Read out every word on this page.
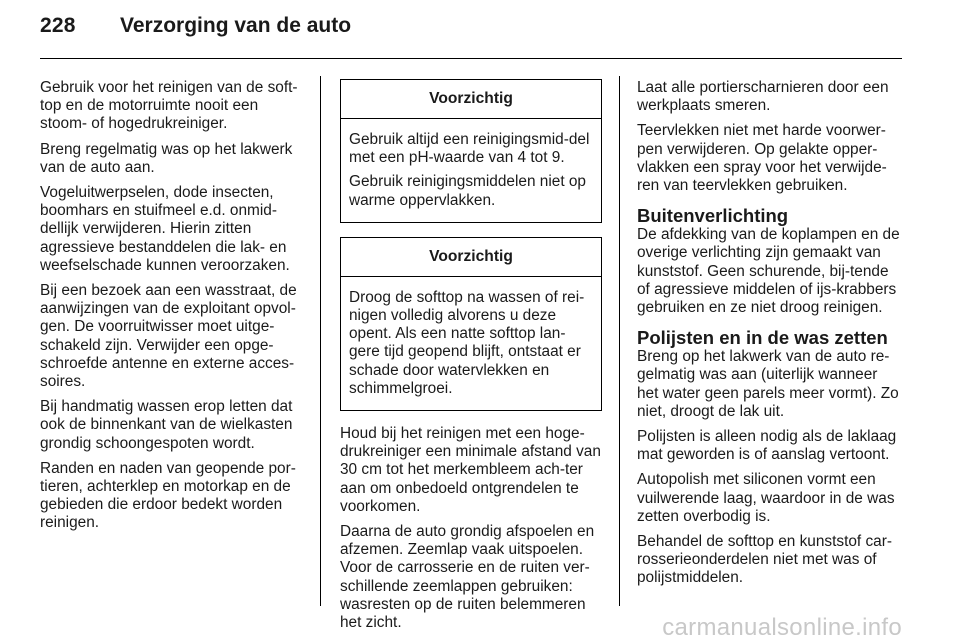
228 Verzorging van de auto

Gebruik voor het reinigen van de soft-top en de motorruimte nooit een stoom- of hogedrukreiniger.

Breng regelmatig was op het lakwerk van de auto aan.

Vogeluitwerpselen, dode insecten, boomhars en stuifmeel e.d. onmid-dellijk verwijderen. Hierin zitten agressieve bestanddelen die lak- en weefselschade kunnen veroorzaken.

Bij een bezoek aan een wasstraat, de aanwijzingen van de exploitant opvol-gen. De voorruitwisser moet uitge-schakeld zijn. Verwijder een opge-schroefde antenne en externe acces-soires.

Bij handmatig wassen erop letten dat ook de binnenkant van de wielkasten grondig schoongespoten wordt.

Randen en naden van geopende por-tieren, achterklep en motorkap en de gebieden die erdoor bedekt worden reinigen.

Voorzichtig

Gebruik altijd een reinigingsmid-del met een pH-waarde van 4 tot 9.

Gebruik reinigingsmiddelen niet op warme oppervlakken.

Voorzichtig

Droog de softtop na wassen of rei-nigen volledig alvorens u deze opent. Als een natte softtop lan-gere tijd geopend blijft, ontstaat er schade door watervlekken en schimmelgroei.

Houd bij het reinigen met een hoge-drukreiniger een minimale afstand van 30 cm tot het merkembleem ach-ter aan om onbedoeld ontgrendelen te voorkomen.

Daarna de auto grondig afspoelen en afzemen. Zeemlap vaak uitspoelen. Voor de carrosserie en de ruiten ver-schillende zeemlappen gebruiken: wasresten op de ruiten belemmeren het zicht.

Laat alle portierscharnieren door een werkplaats smeren.

Teervlekken niet met harde voorwer-pen verwijderen. Op gelakte opper-vlakken een spray voor het verwijde-ren van teervlekken gebruiken.

Buitenverlichting

De afdekking van de koplampen en de overige verlichting zijn gemaakt van kunststof. Geen schurende, bij-tende of agressieve middelen of ijs-krabbers gebruiken en ze niet droog reinigen.

Polijsten en in de was zetten

Breng op het lakwerk van de auto re-gelmatig was aan (uiterlijk wanneer het water geen parels meer vormt). Zo niet, droogt de lak uit.

Polijsten is alleen nodig als de laklaag mat geworden is of aanslag vertoont.

Autopolish met siliconen vormt een vuilwerende laag, waardoor in de was zetten overbodig is.

Behandel de softtop en kunststof car-rosserieonderdelen niet met was of polijstmiddelen.

carmanualsonline.info
